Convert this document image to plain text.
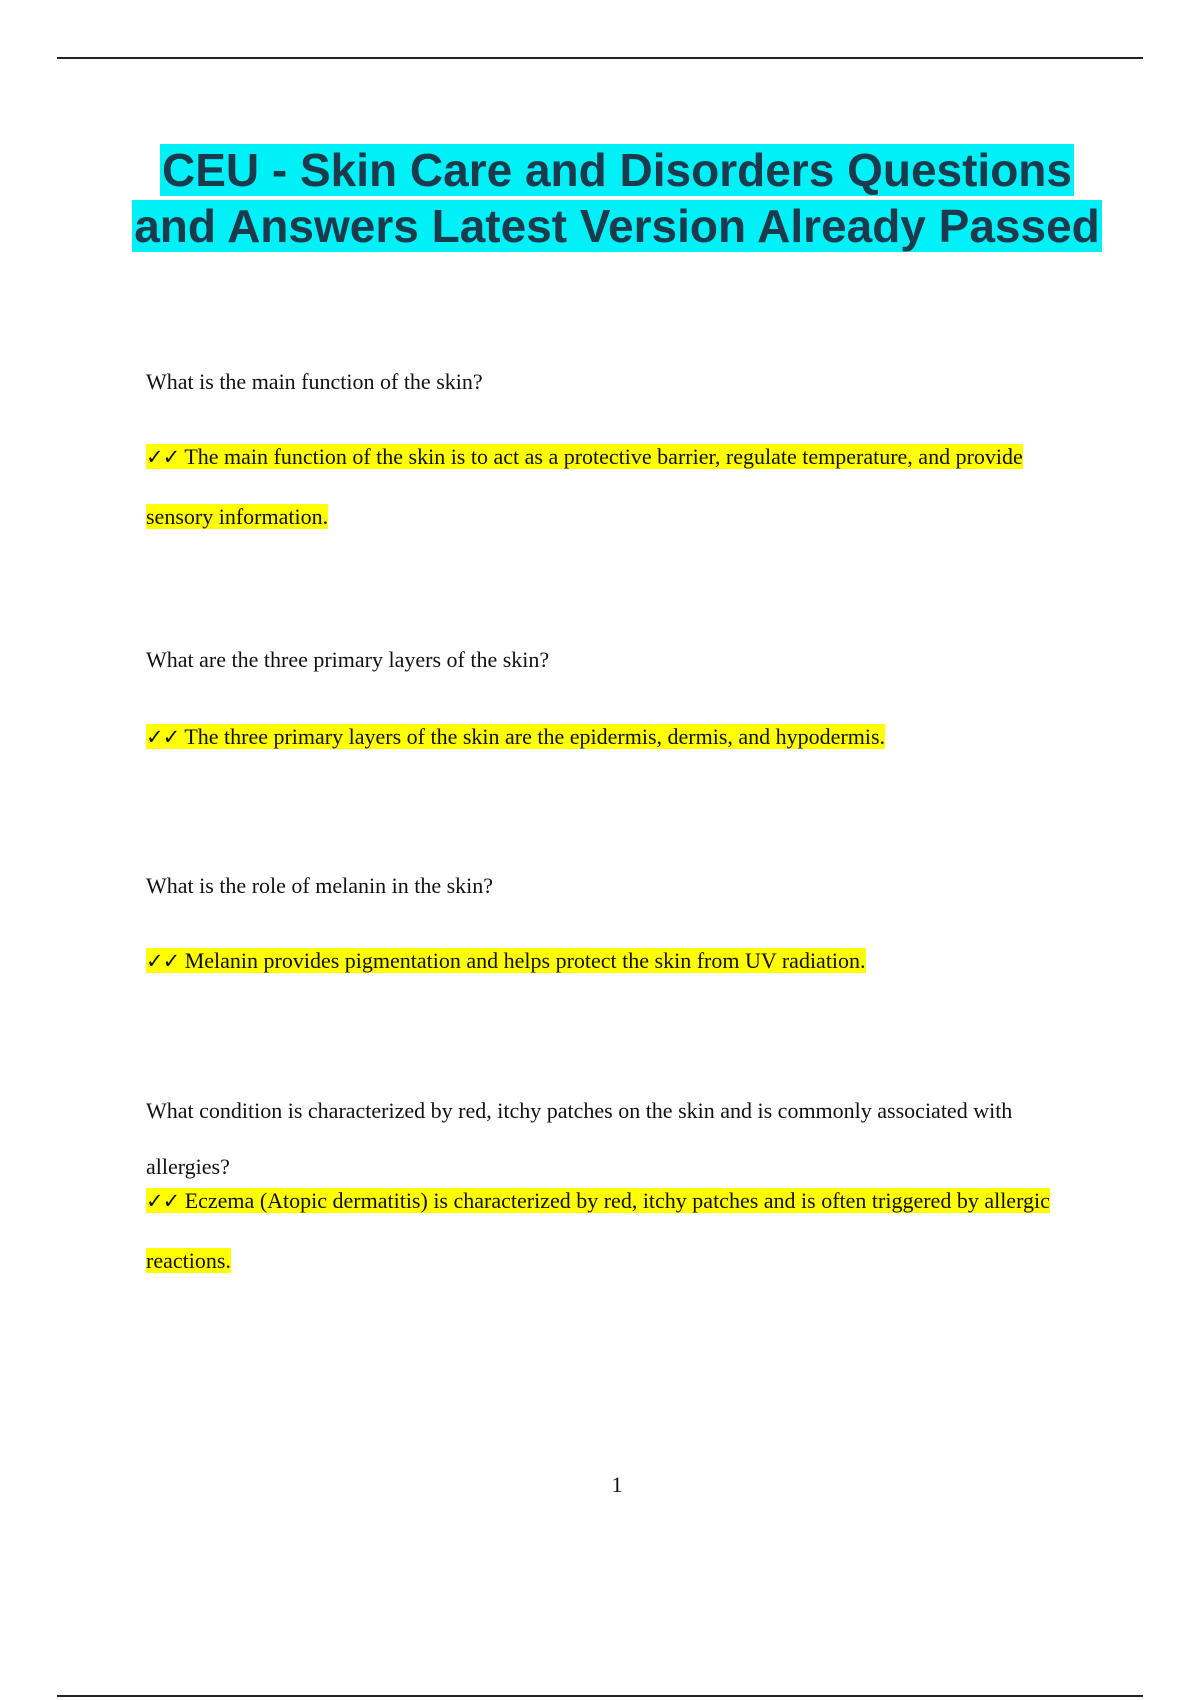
CEU - Skin Care and Disorders Questions and Answers Latest Version Already Passed

What is the main function of the skin?

✓✓ The main function of the skin is to act as a protective barrier, regulate temperature, and provide sensory information.

What are the three primary layers of the skin?

✓✓ The three primary layers of the skin are the epidermis, dermis, and hypodermis.

What is the role of melanin in the skin?

✓✓ Melanin provides pigmentation and helps protect the skin from UV radiation.

What condition is characterized by red, itchy patches on the skin and is commonly associated with allergies?

✓✓ Eczema (Atopic dermatitis) is characterized by red, itchy patches and is often triggered by allergic reactions.

1
